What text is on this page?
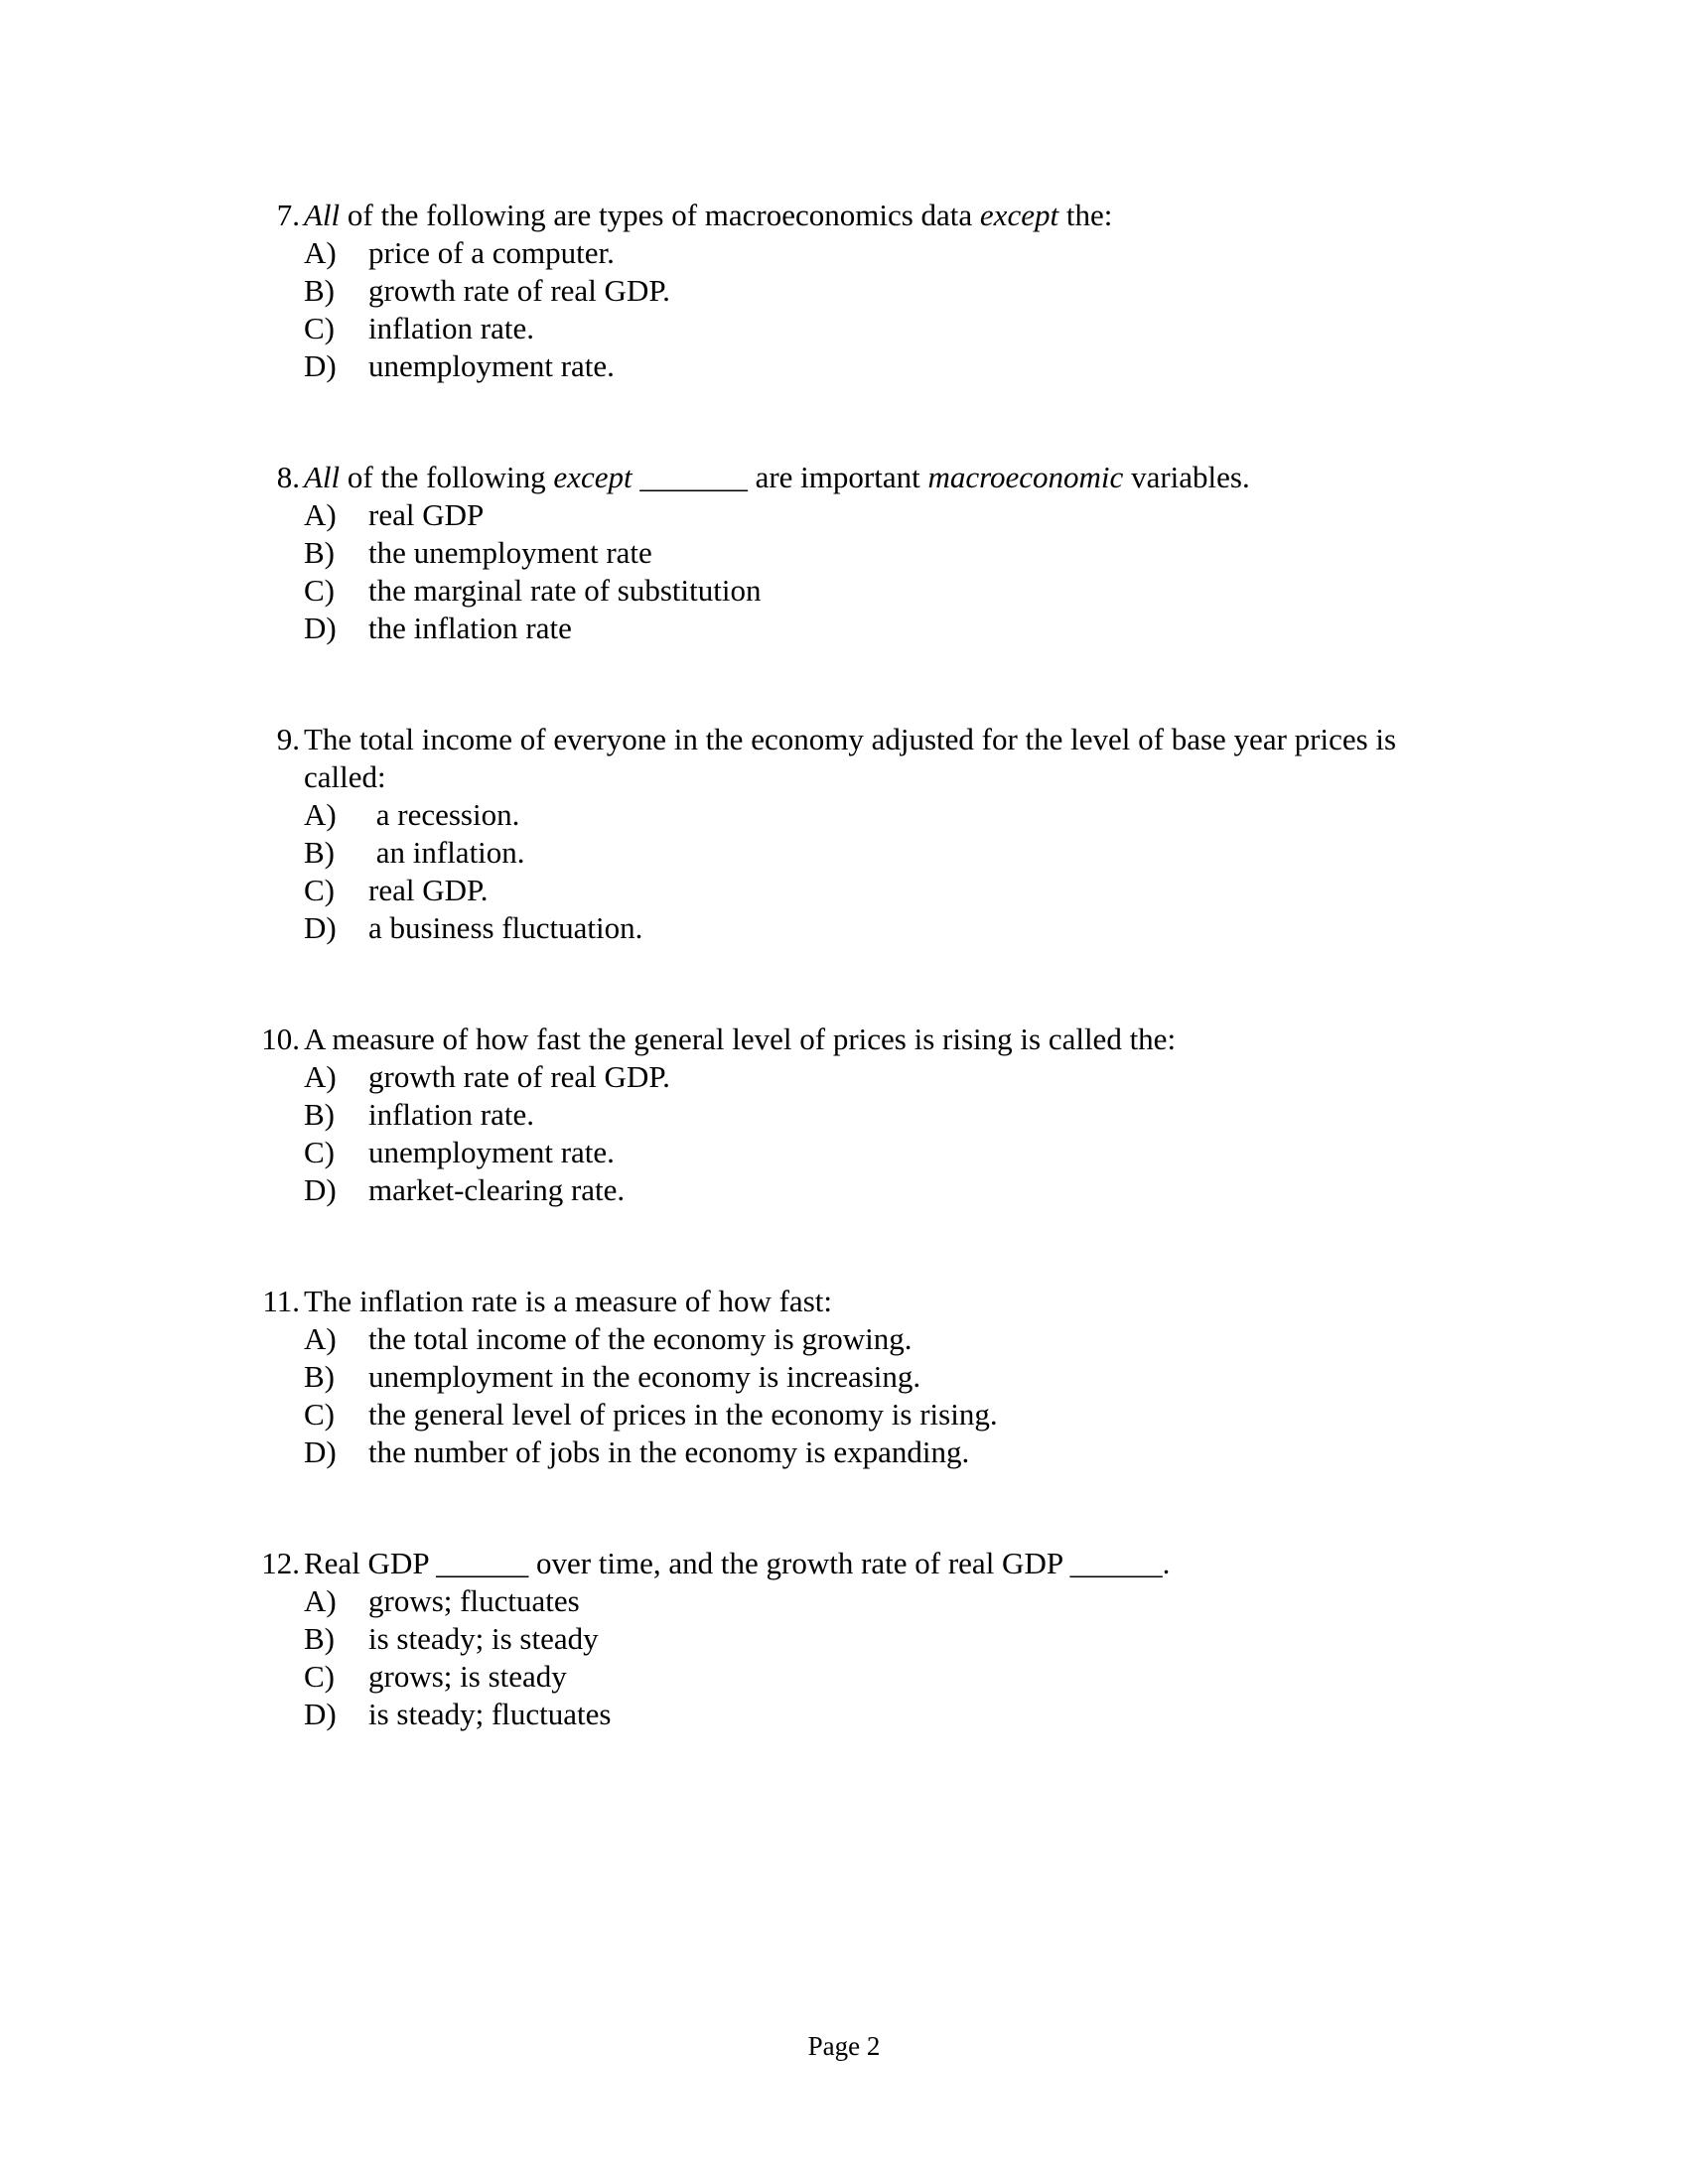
7. All of the following are types of macroeconomics data except the:
A) price of a computer.
B) growth rate of real GDP.
C) inflation rate.
D) unemployment rate.
8. All of the following except _______ are important macroeconomic variables.
A) real GDP
B) the unemployment rate
C) the marginal rate of substitution
D) the inflation rate
9. The total income of everyone in the economy adjusted for the level of base year prices is called:
A) a recession.
B) an inflation.
C) real GDP.
D) a business fluctuation.
10. A measure of how fast the general level of prices is rising is called the:
A) growth rate of real GDP.
B) inflation rate.
C) unemployment rate.
D) market-clearing rate.
11. The inflation rate is a measure of how fast:
A) the total income of the economy is growing.
B) unemployment in the economy is increasing.
C) the general level of prices in the economy is rising.
D) the number of jobs in the economy is expanding.
12. Real GDP ______ over time, and the growth rate of real GDP ______.
A) grows; fluctuates
B) is steady; is steady
C) grows; is steady
D) is steady; fluctuates
Page 2
